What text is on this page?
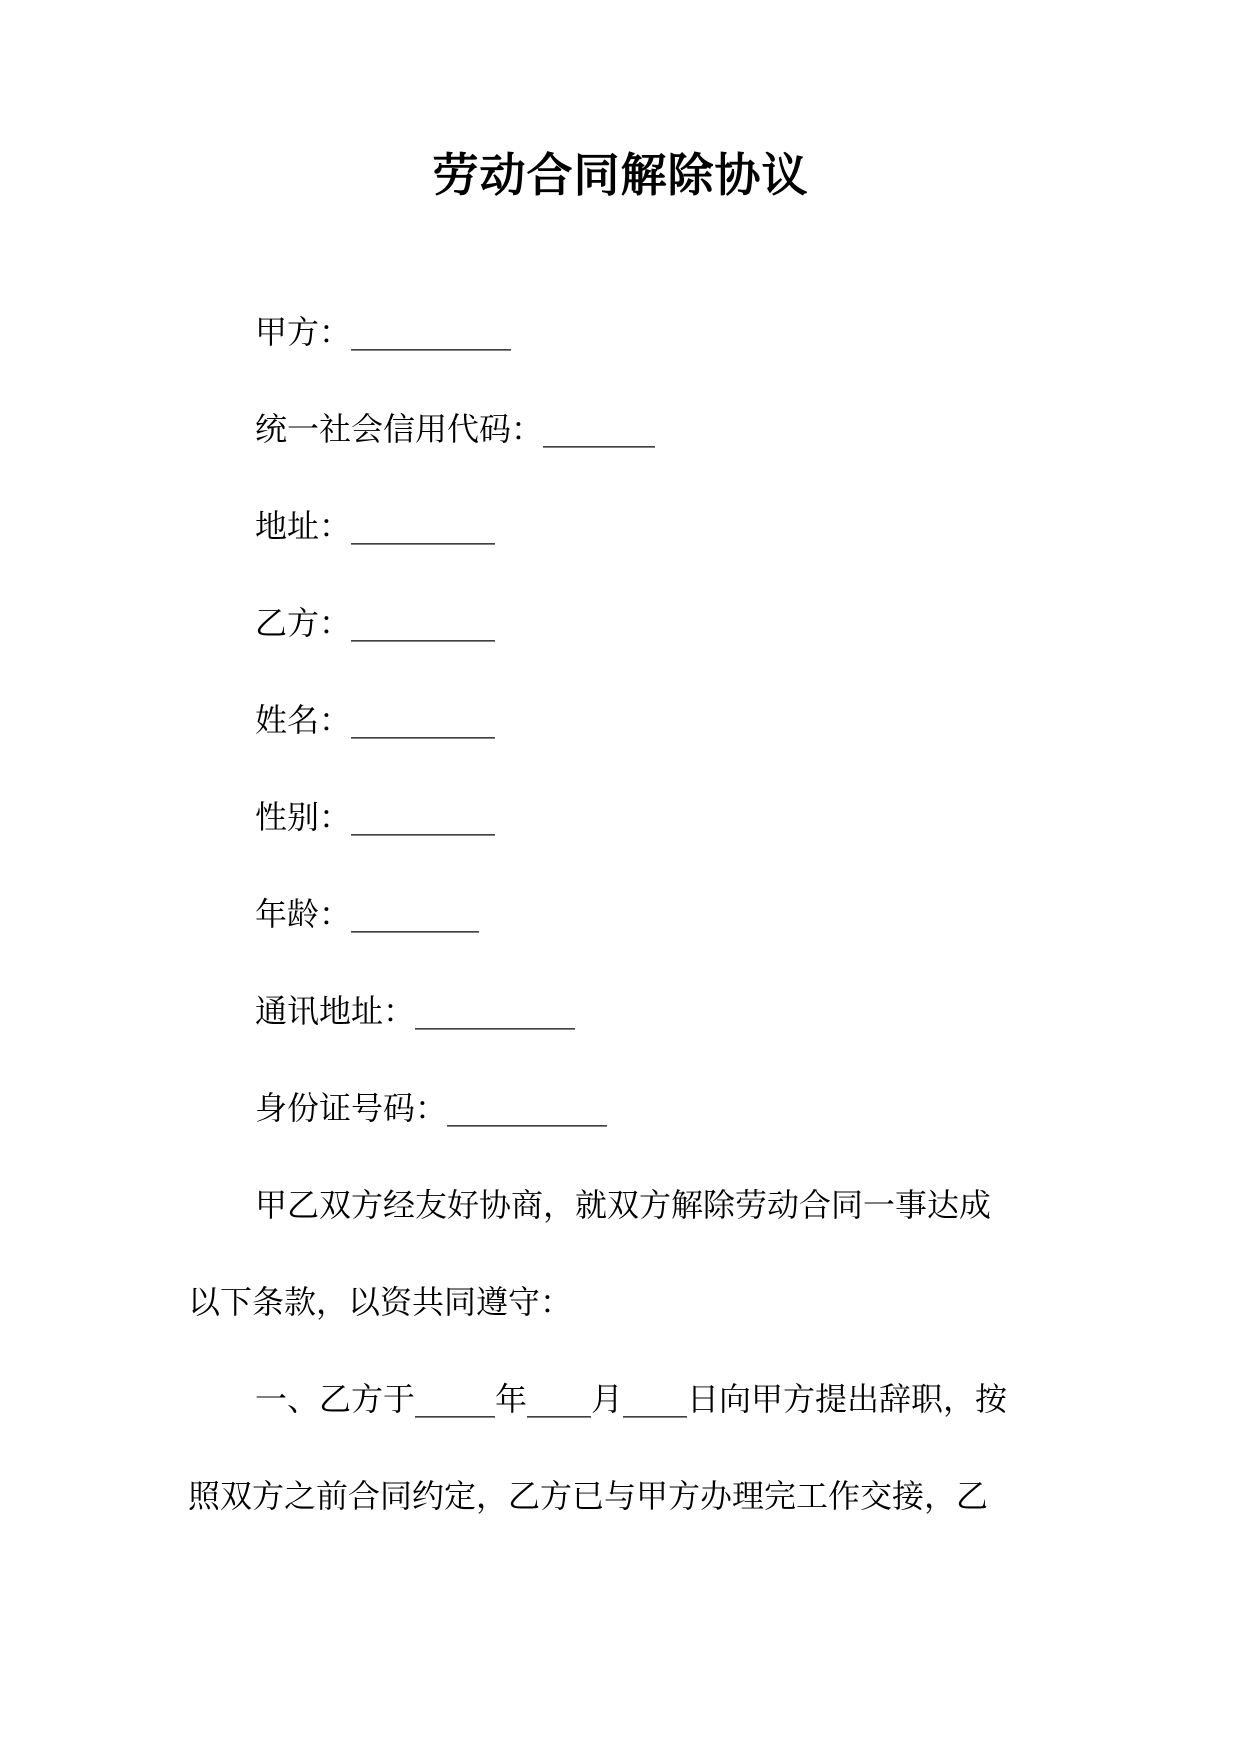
劳动合同解除协议
甲方：__________
统一社会信用代码：_______
地址：_________
乙方：_________
姓名：_________
性别：_________
年龄：________
通讯地址：__________
身份证号码：__________
甲乙双方经友好协商，就双方解除劳动合同一事达成
以下条款，以资共同遵守：
一、乙方于_____年____月____日向甲方提出辞职，按
照双方之前合同约定，乙方已与甲方办理完工作交接，乙
